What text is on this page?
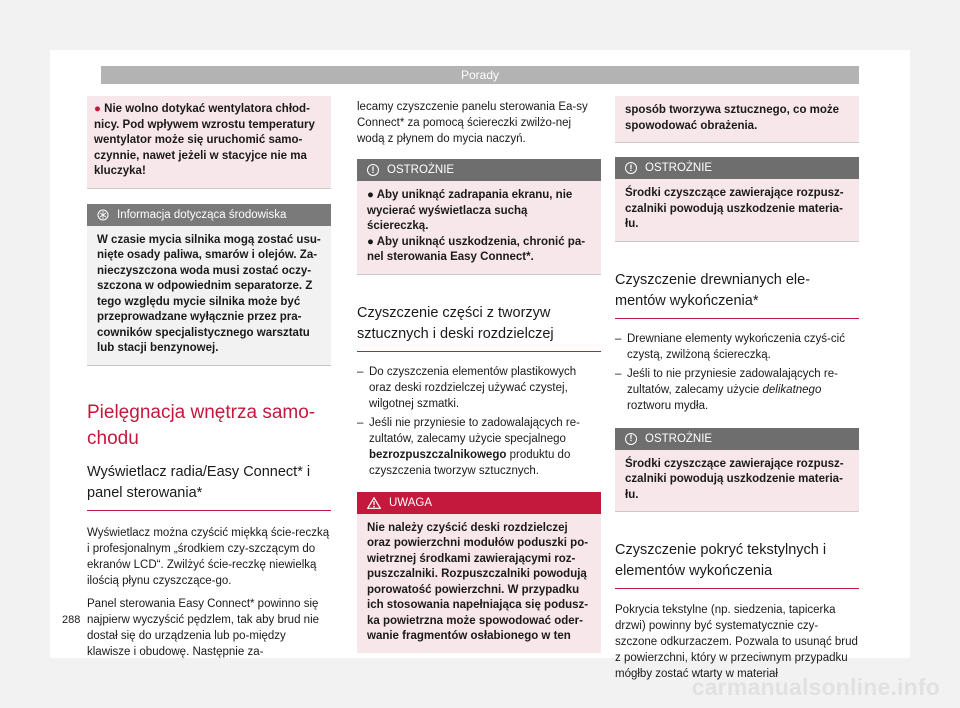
Porady
● Nie wolno dotykać wentylatora chłod-nicy. Pod wpływem wzrostu temperatury wentylator może się uruchomić samo-czynnie, nawet jeżeli w stacyjce nie ma kluczyka!
Informacja dotycząca środowiska
W czasie mycia silnika mogą zostać usu-nięte osady paliwa, smarów i olejów. Za-nieczyszczona woda musi zostać oczy-szczona w odpowiednim separatorze. Z tego względu mycie silnika może być przeprowadzane wyłącznie przez pra-cowników specjalistycznego warsztatu lub stacji benzynowej.
Pielęgnacja wnętrza samo-chodu
Wyświetlacz radia/Easy Connect* i panel sterowania*

Wyświetlacz można czyścić miękką ście-reczką i profesjonalnym „środkiem czy-szczącym do ekranów LCD“. Zwilżyć ście-reczkę niewielką ilością płynu czyszczące-go.

Panel sterowania Easy Connect* powinno się najpierw wyczyścić pędzlem, tak aby brud nie dostał się do urządzenia lub po-między klawisze i obudowę. Następnie za-

lecamy czyszczenie panelu sterowania Ea-sy Connect* za pomocą ściereczki zwilżo-nej wodą z płynem do mycia naczyń.

!	OSTROŻNIE
● Aby uniknąć zadrapania ekranu, nie wycierać wyświetlacza suchą ściereczką.
● Aby uniknąć uszkodzenia, chronić pa-nel sterowania Easy Connect*.
Czyszczenie części z tworzyw sztucznych i deski rozdzielczej
– Do czyszczenia elementów plastikowych oraz deski rozdzielczej używać czystej, wilgotnej szmatki.
– Jeśli nie przyniesie to zadowalających re-zultatów, zalecamy użycie specjalnego bezrozpuszczalnikowego produktu do czyszczenia tworzyw sztucznych.
UWAGA
Nie należy czyścić deski rozdzielczej oraz powierzchni modułów poduszki po-wietrznej środkami zawierającymi roz-puszczalniki. Rozpuszczalniki powodują porowatość powierzchni. W przypadku ich stosowania napełniająca się podusz-ka powietrzna może spowodować oder-wanie fragmentów osłabionego w ten
sposób tworzywa sztucznego, co może spowodować obrażenia.
!	OSTROŻNIE
Środki czyszczące zawierające rozpusz-czalniki powodują uszkodzenie materia-łu.
Czyszczenie drewnianych ele-mentów wykończenia*
– Drewniane elementy wykończenia czyś-cić czystą, zwilżoną ściereczką.
– Jeśli to nie przyniesie zadowalających re-zultatów, zalecamy użycie delikatnego roztworu mydła.
!	OSTROŻNIE
Środki czyszczące zawierające rozpusz-czalniki powodują uszkodzenie materia-łu.
Czyszczenie pokryć tekstylnych i elementów wykończenia

Pokrycia tekstylne (np. siedzenia, tapicerka drzwi) powinny być systematycznie czy-szczone odkurzaczem. Pozwala to usunąć brud z powierzchni, który w przeciwnym przypadku mógłby zostać wtarty w materiał

288
carmanualsonline.info
